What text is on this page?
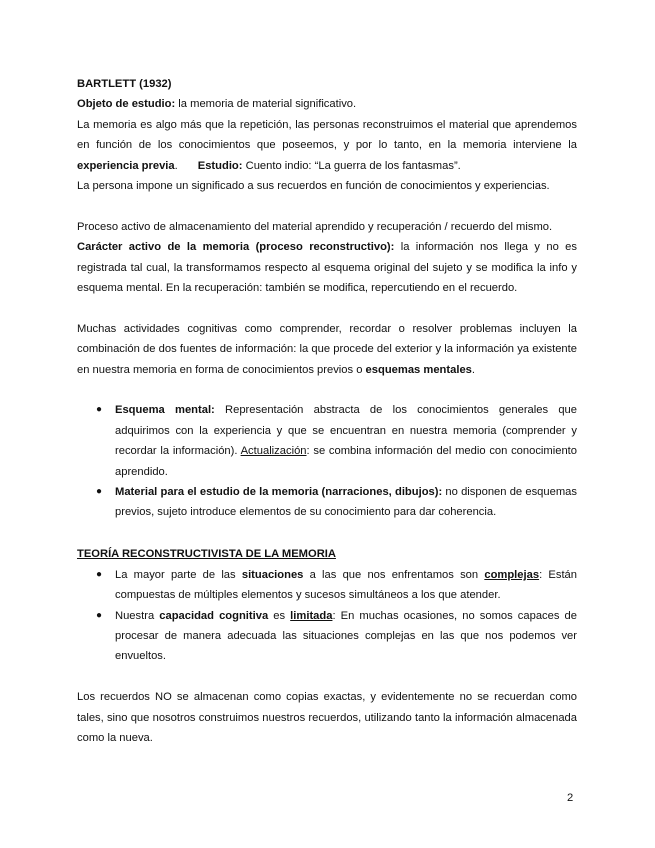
BARTLETT (1932)

Objeto de estudio: la memoria de material significativo.

La memoria es algo más que la repetición, las personas reconstruimos el material que aprendemos en función de los conocimientos que poseemos, y por lo tanto, en la memoria interviene la experiencia previa. Estudio: Cuento indio: “La guerra de los fantasmas”.

La persona impone un significado a sus recuerdos en función de conocimientos y experiencias.

Proceso activo de almacenamiento del material aprendido y recuperación / recuerdo del mismo.

Carácter activo de la memoria (proceso reconstructivo): la información nos llega y no es registrada tal cual, la transformamos respecto al esquema original del sujeto y se modifica la info y esquema mental. En la recuperación: también se modifica, repercutiendo en el recuerdo.

Muchas actividades cognitivas como comprender, recordar o resolver problemas incluyen la combinación de dos fuentes de información: la que procede del exterior y la información ya existente en nuestra memoria en forma de conocimientos previos o esquemas mentales.

● Esquema mental: Representación abstracta de los conocimientos generales que adquirimos con la experiencia y que se encuentran en nuestra memoria (comprender y recordar la información). Actualización: se combina información del medio con conocimiento aprendido.
● Material para el estudio de la memoria (narraciones, dibujos): no disponen de esquemas previos, sujeto introduce elementos de su conocimiento para dar coherencia.

TEORÍA RECONSTRUCTIVISTA DE LA MEMORIA

● La mayor parte de las situaciones a las que nos enfrentamos son complejas: Están compuestas de múltiples elementos y sucesos simultáneos a los que atender.
● Nuestra capacidad cognitiva es limitada: En muchas ocasiones, no somos capaces de procesar de manera adecuada las situaciones complejas en las que nos podemos ver envueltos.

Los recuerdos NO se almacenan como copias exactas, y evidentemente no se recuerdan como tales, sino que nosotros construimos nuestros recuerdos, utilizando tanto la información almacenada como la nueva.

2
